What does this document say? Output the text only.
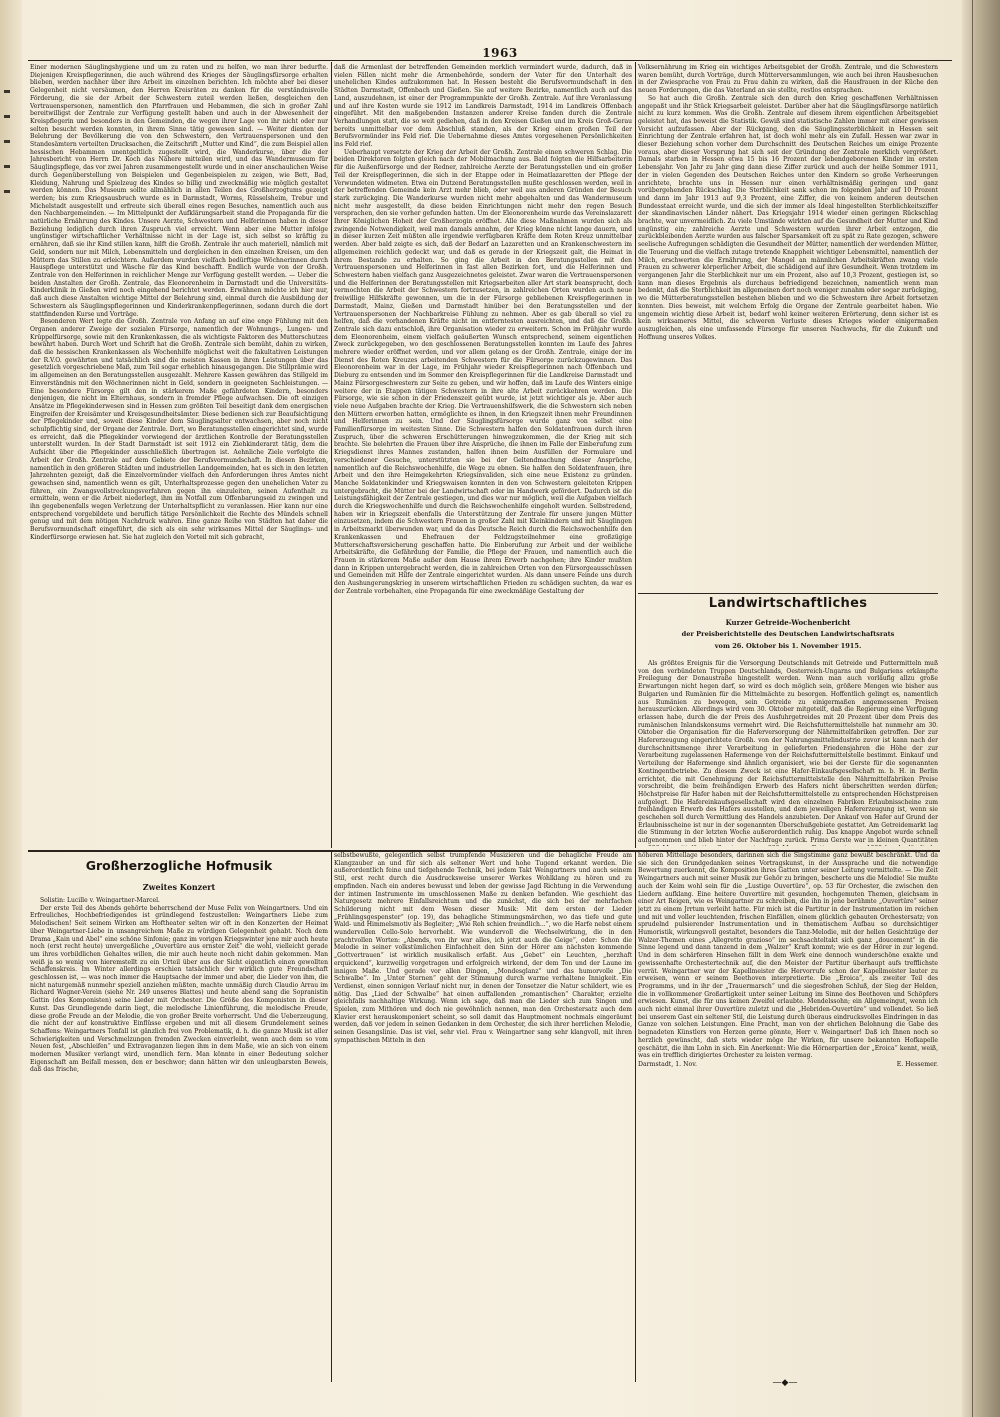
1963

Einer modernen Säuglingshygiene und um zu raten und zu helfen, wo man ihrer bedurfte. Diejenigen Kreispflegerinnen, die auch während des Krieges der Säuglingsfürsorge erhalten blieben, werden nachher über ihre Arbeit im einzelnen berichten. Ich möchte aber bei dieser Gelegenheit nicht versäumen, den Herren Kreisräten zu danken für die verständnisvolle Förderung, die sie der Arbeit der Schwestern zuteil werden ließen, desgleichen den Vertrauenspersonen, namentlich den Pfarrfrauen und Hebammen, die sich in großer Zahl bereitwilligst der Zentrale zur Verfügung gestellt haben und auch in der Abwesenheit der Kreispflegerin und besonders in den Gemeinden, die wegen ihrer Lage von ihr nicht oder nur selten besucht werden konnten, in ihrem Sinne tätig gewesen sind. — Weiter dienten der Belehrung der Bevölkerung die von den Schwestern, den Vertrauenspersonen und den Standesämtern verteilten Drucksachen, die Zeitschrift „Mutter und Kind“, die zum Beispiel allen hessischen Hebammen unentgeltlich zugestellt wird, die Wanderkurse, über die der Jahresbericht von Herrn Dr. Koch das Nähere mitteilen wird, und das Wandermuseum für Säuglingspflege, das vor zwei Jahren zusammengestellt wurde und in einer anschaulichen Weise durch Gegenüberstellung von Beispielen und Gegenbeispielen zu zeigen, wie Bett, Bad, Kleidung, Nahrung und Spielzeug des Kindes so billig und zweckmäßig wie möglich gestaltet werden können. Das Museum sollte allmählich in allen Teilen des Großherzogtums gezeigt werden; bis zum Kriegsausbruch wurde es in Darmstadt, Worms, Rüsselsheim, Trebur und Michelstadt ausgestellt und erfreute sich überall eines regen Besuches, namentlich auch aus den Nachbargemeinden. — Im Mittelpunkt der Aufklärungsarbeit stand die Propaganda für die natürliche Ernährung des Kindes. Unsere Aerzte, Schwestern und Helferinnen haben in dieser Beziehung lediglich durch ihren Zuspruch viel erreicht. Wenn aber eine Mutter infolge ungünstiger wirtschaftlicher Verhältnisse nicht in der Lage ist, sich selbst so kräftig zu ernähren, daß sie ihr Kind stillen kann, hilft die Großh. Zentrale ihr auch materiell, nämlich mit Geld, sondern nur mit Milch, Lebensmitteln und dergleichen in den einzelnen Kreisen, um den Müttern das Stillen zu erleichtern. Außerdem wurden vielfach bedürftige Wöchnerinnen durch Hauspflege unterstützt und Wäsche für das Kind beschafft. Endlich wurde von der Großh. Zentrale von den Helferinnen in reichlicher Menge zur Verfügung gestellt werden. — Ueber die beiden Anstalten der Großh. Zentrale, das Eleonorenheim in Darmstadt und die Universitäts-Kinderklinik in Gießen wird noch eingehend berichtet werden. Erwähnen möchte ich hier nur, daß auch diese Anstalten wichtige Mittel der Belehrung sind, einmal durch die Ausbildung der Schwestern als Säuglingspflegerinnen und Kinderkrankenpflegerinnen, sodann durch die dort stattfindenden Kurse und Vorträge.

Besonderen Wert legte die Großh. Zentrale von Anfang an auf eine enge Fühlung mit den Organen anderer Zweige der sozialen Fürsorge, namentlich der Wohnungs-, Lungen- und Krüppelfürsorge, sowie mit den Krankenkassen, die als wichtigste Faktoren des Mutterschutzes bewährt haben. Durch Wort und Schrift hat die Großh. Zentrale sich bemüht, dahin zu wirken, daß die hessischen Krankenkassen als Wochenhilfe möglichst weit die fakultativen Leistungen der R.V.O. gewährten und tatsächlich sind die meisten Kassen in ihren Leistungen über das gesetzlich vorgeschriebene Maß, zum Teil sogar erheblich hinausgegangen. Die Stillprämie wird im allgemeinen an den Beratungsstellen ausgezahlt. Mehrere Kassen gewähren das Stillgeld im Einverständnis mit den Wöchnerinnen nicht in Geld, sondern in geeigneten Sachleistungen. — Eine besondere Fürsorge gilt den in stärkerem Maße gefährdeten Kindern, besonders denjenigen, die nicht im Elternhaus, sondern in fremder Pflege aufwachsen. Die oft einzigen Ansätze im Pflegekinderwesen sind in Hessen zum größten Teil beseitigt dank dem energischen Eingreifen der Kreisämter und Kreisgesundheitsämter. Diese bedienen sich zur Beaufsichtigung der Pflegekinder und, soweit diese Kinder dem Säuglingsalter entwachsen, aber noch nicht schulpflichtig sind, der Organe der Zentrale. Dort, wo Beratungsstellen eingerichtet sind, wurde es erreicht, daß die Pflegekinder vorwiegend der ärztlichen Kontrolle der Beratungsstellen unterstellt wurden. In der Stadt Darmstadt ist seit 1912 ein Ziehkinderarzt tätig, dem die Aufsicht über die Pflegekinder ausschließlich übertragen ist. Aehnliche Ziele verfolgte die Arbeit der Großh. Zentrale auf dem Gebiete der Berufsvormundschaft. In diesen Bezirken, namentlich in den größeren Städten und industriellen Landgemeinden, hat es sich in den letzten Jahrzehnten gezeigt, daß die Einzelvormünder vielfach den Anforderungen ihres Amtes nicht gewachsen sind, namentlich wenn es gilt, Unterhaltsprozesse gegen den unehelichen Vater zu führen, ein Zwangsvollstreckungsverfahren gegen ihn einzuleiten, seinen Aufenthalt zu ermitteln, wenn er die Arbeit niederlegt, ihm im Notfall zum Offenbarungseid zu zwingen und ihn gegebenenfalls wegen Verletzung der Unterhaltspflicht zu veranlassen. Hier kann nur eine entsprechend vorgebildete und beruflich tätige Persönlichkeit die Rechte des Mündels schnell genug und mit dem nötigen Nachdruck wahren. Eine ganze Reihe von Städten hat daher die Berufsvormundschaft eingeführt, die sich als ein sehr wirksames Mittel der Säuglings- und Kinderfürsorge erwiesen hat. Sie hat zugleich den Vorteil mit sich gebracht,

daß die Armenlast der betreffenden Gemeinden merklich vermindert wurde, dadurch, daß in vielen Fällen nicht mehr die Armenbehörde, sondern der Vater für den Unterhalt des unehelichen Kindes aufzukommen hat. In Hessen besteht die Berufsvormundschaft in den Städten Darmstadt, Offenbach und Gießen. Sie auf weitere Bezirke, namentlich auch auf das Land, auszudehnen, ist einer der Programmpunkte der Großh. Zentrale. Auf ihre Veranlassung und auf ihre Kosten wurde sie 1912 im Landkreis Darmstadt, 1914 im Landkreis Offenbach eingeführt. Mit den maßgebenden Instanzen anderer Kreise fanden durch die Zentrale Verhandlungen statt, die so weit gediehen, daß in den Kreisen Gießen und im Kreis Groß-Gerau bereits unmittelbar vor dem Abschluß standen, als der Krieg einen großen Teil der Berufsvormünder ins Feld rief. Die Uebernahme dieses Amtes vorgesehenen Persönlichkeiten ins Feld rief.

Ueberhaupt versetzte der Krieg der Arbeit der Großh. Zentrale einen schweren Schlag. Die beiden Direktoren folgten gleich nach der Mobilmachung aus. Bald folgten die Hilfsarbeiterin für die Außenfürsorge und der Redner, zahlreiche Aerzte der Beratungsstellen und ein großer Teil der Kreispflegerinnen, die sich in der Etappe oder in Heimatlazaretten der Pflege der Verwundeten widmeten. Etwa ein Dutzend Beratungsstellen mußte geschlossen werden, weil in der betreffenden Gemeinde kein Arzt mehr blieb, oder weil aus anderen Gründen der Besuch stark zurückging. Die Wanderkurse wurden nicht mehr abgehalten und das Wandermuseum nicht mehr ausgestellt, da diese beiden Einrichtungen nicht mehr den regen Besuch versprachen, den sie vorher gefunden hatten. Um der Eleonorenheim wurde das Vereinslazarett Ihrer Königlichen Hoheit der Großherzogin eröffnet. Alle diese Maßnahmen wurden sich als zwingende Notwendigkeit, weil man damals annahm, der Krieg könne nicht lange dauern, und in dieser kurzen Zeit müßten alle irgendwie verfügbaren Kräfte dem Roten Kreuz unmittelbar werden. Aber bald zeigte es sich, daß der Bedarf an Lazaretten und an Krankenschwestern im allgemeinen reichlich gedeckt war, und daß es gerade in der Kriegszeit galt, die Heimat in ihrem Bestande zu erhalten. So ging die Arbeit in den Beratungsstellen mit den Vertrauenspersonen und Helferinnen in fast allen Bezirken fort, und die Helferinnen und Schwestern haben vielfach ganz Ausgezeichnetes geleistet. Zwar waren die Vertrauenspersonen und die Helferinnen der Beratungsstellen mit Kriegsarbeiten aller Art stark beansprucht, doch vermochten die Arbeit der Schwestern fortzusetzen, in zahlreichen Orten wurden auch neue freiwillige Hilfskräfte gewonnen, um die in der Fürsorge gebliebenen Kreispflegerinnen in Darmstadt, Mainz, Gießen und Darmstadt hinüber bei den Beratungsstellen und der Vertrauenspersonen der Nachbarkreise Fühlung zu nehmen. Aber es gab überall so viel zu helfen, daß die vorhandenen Kräfte nicht im entferntesten ausreichten, und daß die Großh. Zentrale sich dazu entschloß, ihre Organisation wieder zu erweitern. Schon im Frühjahr wurde dem Eleonorenheim, einem vielfach geäußerten Wunsch entsprechend, seinem eigentlichen Zweck zurückgegeben, wo den geschlossenen Beratungsstellen konnten im Laufe des Jahres mehrere wieder eröffnet werden, und vor allem gelang es der Großh. Zentrale, einige der im Dienst des Roten Kreuzes arbeitenden Schwestern für die Fürsorge zurückzugewinnen. Das Eleonorenheim war in der Lage, im Frühjahr wieder Kreispflegerinnen nach Offenbach und Dieburg zu entsenden und im Sommer den Kreispflegerinnen für die Landkreise Darmstadt und Mainz Fürsorgeschwestern zur Seite zu geben, und wir hoffen, daß im Laufe des Winters einige weitere der in Etappen tätigen Schwestern in ihre alte Arbeit zurückkehren werden. Die Fürsorge, wie sie schon in der Friedenszeit geübt wurde, ist jetzt wichtiger als je. Aber auch viele neue Aufgaben brachte der Krieg. Die Vertrauenshilfswerk, die die Schwestern sich neben den Müttern erworben hatten, ermöglichte es ihnen, in den Kriegszeit ihnen mehr Freundinnen und Helferinnen zu sein. Und der Säuglingsfürsorge wurde ganz von selbst eine Familienfürsorge im weitesten Sinne. Die Schwestern halfen den Soldatenfrauen durch ihren Zuspruch, über die schweren Erschütterungen hinwegzukommen, die der Krieg mit sich brachte. Sie belehrten die Frauen über ihre Ansprüche, die ihnen im Falle der Einberufung zum Kriegsdienst ihres Mannes zustanden, halfen ihnen beim Ausfüllen der Formulare und verschiedener Gesuche, unterstützten sie bei der Geltendmachung dieser Ansprüche, namentlich auf die Reichswochenhilfe, die Wege zu ebnen. Sie halfen den Soldatenfrauen, ihre Arbeit und den ihre Heimgekehrten Kriegsinvaliden, sich eine neue Existenz zu gründen. Manche Soldatenkinder und Kriegswaisen konnten in den von Schwestern geleiteten Krippen untergebracht, die Mütter bei der Landwirtschaft oder im Handwerk gefördert. Dadurch ist die Leistungsfähigkeit der Zentrale gestiegen, und dies war nur möglich, weil die Aufgaben vielfach durch die Kriegswochenhilfe und durch die Reichswochenhilfe eingeholt wurden. Selbstredend, haben wir in Kriegszeit ebenfalls die Unterstützung der Zentrale für unsere jungen Mütter einzusetzen, indem die Schwestern Frauen in großer Zahl mit Kleinkindern und mit Säuglingen in Arbeitsmarkt überwunden war, und da das Deutsche Reich durch die Reichswochenhilfe den Krankenkassen und Ehefrauen der Feldzugsteilnehmer eine großzügige Mutterschaftsversicherung geschaffen hatte. Die Einberufung zur Arbeit und der weibliche Arbeitskräfte, die Gefährdung der Familie, die Pflege der Frauen, und namentlich auch die Frauen in stärkerem Maße außer dem Hause ihrem Erwerb nachgehen; ihre Kinder mußten dann in Krippen untergebracht werden, die in zahlreichen Orten von den Fürsorgeausschüssen und Gemeinden mit Hilfe der Zentrale eingerichtet wurden. Als dann unsere Feinde uns durch den Aushungerungskrieg in unserem wirtschaftlichen Frieden zu schädigen suchten, da war es der Zentrale vorbehalten, eine Propaganda für eine zweckmäßige Gestaltung der

Volksernährung im Krieg ein wichtiges Arbeitsgebiet der Großh. Zentrale, und die Schwestern waren bemüht, durch Vorträge, durch Mütterversammlungen, wie auch bei ihren Hausbesuchen in der Zwiesprache von Frau zu Frau dahin zu wirken, daß die Hausfrauen in der Küche den neuen Forderungen, die das Vaterland an sie stellte, restlos entsprachen.

So hat auch die Großh. Zentrale sich den durch den Krieg geschaffenen Verhältnissen angepaßt und ihr Stück Kriegsarbeit geleistet. Darüber aber hat die Säuglingsfürsorge natürlich nicht zu kurz kommen. Was die Großh. Zentrale auf diesem ihrem eigentlichen Arbeitsgebiet geleistet hat, das beweist die Statistik. Gewiß sind statistische Zahlen immer mit einer gewissen Vorsicht aufzufassen. Aber der Rückgang, den die Säuglingssterblichkeit in Hessen seit Einrichtung der Zentrale erfahren hat, ist doch wohl mehr als ein Zufall. Hessen war zwar in dieser Beziehung schon vorher dem Durchschnitt des Deutschen Reiches um einige Prozente voraus, aber dieser Vorsprung hat sich seit der Gründung der Zentrale merklich vergrößert. Damals starben in Hessen etwa 15 bis 16 Prozent der lebendgeborenen Kinder im ersten Lebensjahr. Von Jahr zu Jahr ging dann diese Ziffer zurück und auch der heiße Sommer 1911, der in vielen Gegenden des Deutschen Reiches unter den Kindern so große Verheerungen anrichtete, brachte uns in Hessen nur einen verhältnismäßig geringen und ganz vorübergehenden Rückschlag. Die Sterblichkeit sank schon im folgenden Jahr auf 10 Prozent und dann im Jahr 1913 auf 9,3 Prozent, eine Ziffer, die von keinem anderen deutschen Bundesstaat erreicht wurde, und die sich der immer als Ideal hingestellten Sterblichkeitsziffer der skandinavischen Länder nähert. Das Kriegsjahr 1914 wieder einen geringen Rückschlag brachte, war unvermeidlich. Zu viele Umstände wirkten auf die Gesundheit der Mutter und Kind ungünstig ein; zahlreiche Aerzte und Schwestern wurden ihrer Arbeit entzogen, die zurückbleibenden Aerzte wurden aus falscher Sparsamkeit oft zu spät zu Rate gezogen, schwere seelische Aufregungen schädigten die Gesundheit der Mütter, namentlich der werdenden Mütter, die Teuerung und die vielfach zutage tretende Knappheit wichtiger Lebensmittel, namentlich der Milch, erschwerten die Ernährung, der Mangel an männlichen Arbeitskräften zwang viele Frauen zu schwerer körperlicher Arbeit, die schädigend auf ihre Gesundheit. Wenn trotzdem im vergangenen Jahr die Sterblichkeit nur um ein Prozent, also auf 10,3 Prozent, gestiegen ist, so kann man dieses Ergebnis als durchaus befriedigend bezeichnen, namentlich wenn man bedenkt, daß die Sterblichkeit im allgemeinen dort noch weniger zunahm oder sogar zurückging, wo die Mütterberatungsstellen bestehen blieben und wo die Schwestern ihre Arbeit fortsetzen konnten. Dies beweist, mit welchem Erfolg die Organe der Zentrale gearbeitet haben. Wie ungemein wichtig diese Arbeit ist, bedarf wohl keiner weiteren Erörterung, denn sicher ist es kein wirksameres Mittel, die schweren Verluste dieses Krieges wieder einigermaßen auszugleichen, als eine umfassende Fürsorge für unseren Nachwuchs, für die Zukunft und Hoffnung unseres Volkes.

Landwirtschaftliches
Kurzer Getreide-Wochenbericht
der Preisberichtstelle des Deutschen Landwirtschaftsrats
vom 26. Oktober bis 1. November 1915.

Als größtes Ereignis für die Versorgung Deutschlands mit Getreide und Futtermitteln muß von den verbündeten Truppen Deutschlands, Oesterreich-Ungarns und Bulgariens erkämpfte Freilegung der Donaustraße hingestellt werden. Wenn man auch vorläufig allzu große Erwartungen nicht hegen darf, so wird es doch möglich sein, größere Mengen wie bisher aus Bulgarien und Rumänien für die Mittelmächte zu besorgen. Hoffentlich gelingt es, namentlich aus Rumänien zu bewegen, sein Getreide zu einigermaßen angemessenen Preisen herauszurücken. Allerdings wird vom 30. Oktober mitgeteilt, daß die Regierung eine Verfügung erlassen habe, durch die der Preis des Ausfuhrgetreides mit 20 Prozent über dem Preis des rumänischen Inlandskonsums vermehrt wird. Die Reichsfuttermittelstelle hat nunmehr am 30. Oktober die Organisation für die Haferversorgung der Nährmittelfabriken getroffen. Der zur Hafererzeugung eingerichtete Großh. von der Nahrungsmittelindustrie zuvor ist kann nach der durchschnittsmenge ihrer Verarbeitung in gelieferten Friedensjahren die Höhe der zur Verarbeitung zugelassenen Hafermenge von der Reichsfuttermittelstelle bestimmt. Einkauf und Verteilung der Hafermenge sind ähnlich organisiert, wie bei der Gerste für die sogenannten Kontingentbetriebe. Zu diesem Zweck ist eine Hafer-Einkaufsgesellschaft m. b. H. in Berlin errichtet, die mit Genehmigung der Reichsfuttermittelstelle den Nährmittelfabriken Preise vorschreibt, die beim freihändigen Erwerb des Hafers nicht überschritten werden dürfen; Höchstpreise für Hafer haben mit der Reichsfuttermittelstelle zu entsprechenden Höchstpreisen aufgelegt. Die Hafereinkaufsgesellschaft wird den einzelnen Fabriken Erlaubnisscheine zum freihändigen Erwerb des Hafers ausstellen, und dem jeweiligen Hafererzeugung ist, wenn sie geschehen soll durch Vermittlung des Handels anzubieten. Der Ankauf von Hafer auf Grund der Erlaubnisscheine ist nur in der sogenannten Überschußgebiete gestattet. Am Getreidemarkt lag die Stimmung in der letzten Woche außerordentlich ruhig. Das knappe Angebot wurde schnell aufgenommen und blieb hinter der Nachfrage zurück. Prima Gerste war in kleinen Quantitäten

Großherzogliche Hofmusik
Zweites Konzert

Solistin: Lucille v. Weingartner-Marcel.

Der erste Teil des Abends gehörte beherrschend der Muse Felix von Weingartners. Und ein Erfreuliches, Hochbefriedigendes ist gründlegend festzustellen: Weingartners Liebe zum Melodischen! Seit seinem Wirken am Hoftheater selten wir oft in den Konzerten der Heimat über Weingartner-Liebe in unsangreichem Maße zu würdigen Gelegenheit gehabt. Noch dem Drama „Kain und Abel“ eine schöne Sinfonie; ganz im vorigen Kriegswinter jene mir auch heute noch (erst recht heute) unvergeßliche „Ouvertüre aus ernster Zeit“ die wohl, vielleicht gerade um ihres vorbildlichen Gehaltes willen, die mir auch heute noch nicht dahin gekommen. Man weiß ja so wenig von hieremstellt zu ein Urteil über aus der Sicht eigentlich einen gewollten Schaffenskreis. Im Winter allerdings erschien tatsächlich der wirklich gute Freundschaft geschlossen ist, — was noch immer die Hauptsache der immer und aber, die Lieder von ihm, die nicht naturgemäß nunmehr speziell anziehen müßten, machte unmäßig durch Claudio Arrau im Richard Wagner-Verein (siehe Nr. 249 unseres Blattes) und heute abend sang die Sopranistin Gattin (des Komponisten) seine Lieder mit Orchester. Die Größe des Komponisten in dieser Kunst. Das Grundlegende darin liegt, die melodische Linienführung, die melodische Freude, diese große Freude an der Melodie, die von großer Breite vorherrscht. Und die Ueberzeugung, die nicht der auf konstruktive Einflüsse ergeben und mit all diesem Grundelement seines Schaffens: Weingartners Tonfall ist gänzlich frei von Problematik, d. h. die ganze Musik ist aller Schwierigkeiten und Verschmelzungen fremden Zwecken einverleibt, wenn auch dem so vom Neuen fest, „Abschleifen“ und Extravaganzen liegen ihm in dem Maße, wie an sich von einem modernen Musiker verlangt wird, unendlich fern. Man könnte in einer Bedeutung solcher Eigenschaft am Beifall messen, den er beschwor; dann hätten wir den unleugbarsten Beweis, daß das frische,

selbstbewußte, gelegentlich selbst trumpfende Musizieren und die behagliche Freude am Klangzauber an und für sich als seltener Wert und hohe Tugend erkannt werden. Die außerordentlich feine und tiefgehende Technik, bei jedem Takt Weingartners und auch seinem Stil, erst recht durch die Ausdrucksweise unserer Werkes Wohlklang zu hören und zu empfinden. Nach ein anderes bewusst und leben der gewisse Jagd Richtung in die Verwendung der intimen Instrumente im umschlossenen Maße zu denken befanden. Wie geschieht das Naturgesetz mehrere Einfallsreichtum und die zunächst, die sich bei der mehrfachen Schilderung nicht mit dem Wesen dieser Musik: Mit dem ersten der Lieder „Frühlingsgespenster“ (op. 19), das behagliche Stimmungsmärchen, wo das tiefe und gute Wald- und Himmelsmotiv als Begleiter; „Wie Reh schien freundlich...“, wo die Harfe nebst einem wundervollen Cello-Solo hervorhebt. Wie wundervoll die Wechselwirkung, die in den prachtvollen Worten: „Abends, von ihr war alles, ich jetzt auch die Geige“, oder: Schon die Melodie in seiner volkstümlichen Einfachheit den Sinn der Hörer am nächsten kommende „Gottvertrauen“ ist wirklich musikalisch erfaßt. Aus „Gebet“ ein Leuchten, „herzhaft erquickend“, kurzweilig vorgetragen und erfolgreich wirkend, der dem Ton und der Laune im innigen Maße. Und gerade vor allen Dingen, „Mondesglanz“ und das humorvolle „Die Schwalbe“. Im „Unter Sternen“ geht der Stimmung durch warme verhaltene Innigkeit. Ein Verdienst, einen sonnigen Verlauf nicht nur, in denen der Tonsetzer die Natur schildert, wie es nötig. Das „Lied der Schwalbe“ hat einen auffallenden „romantischen“ Charakter, erzielte gleichfalls nachhaltige Wirkung. Wenn ich sage, daß man die Lieder sich zum Singen und Spielen, zum Mithören und doch nie gewöhnlich nennen, man den Orchestersatz auch dem Klavier erst herauskomponiert scheint, so soll damit das Hauptmoment nochmals eingeräumt werden, daß vor jedem in seinen Gedanken in dem Orchester, die sich ihrer herrlichen Melodie, seinen Gesangslinie. Das ist viel, sehr viel. Frau v. Weingartner sang sehr klangvoll, mit ihren sympathischen Mitteln in den

höheren Mittellage besonders, darinnen sich die Singstimme ganz bewußt beschränkt. Und da sie sich den Grundgedanken seines Vortragskunst, in der Aussprache und die notwendige Bewertung zuerkennt, die Komposition ihres Gatten unter seiner Leitung vermittelte. — Die Zeit Weingartners auch mit seiner Musik zur Gehör zu bringen, bescherte uns die Melodie! Sie mußte auch der Keim wohl sein für die „Lustige Ouvertüre“, op. 53 für Orchester, die zwischen den Liedern aufklang. Eine heitere Ouvertüre mit gesunden, hochgemuten Themen, gleichsam in einer Art Reigen, wie es Weingartner zu schreiben, die ihn in jene berühmte „Ouvertüre“ seiner jetzt zu einem Jrrtum verleiht hatte. Für mich ist die Partitur in der Instrumentation im reichen und mit und voller leuchtenden, frischen Einfällen, einem glücklich gebauten Orchestersatz; von sprudelnd pulsierender Instrumentation und in thematischem Aufbau so durchsichtiger Humoristik, wirkungsvoll gestaltet, besonders die Tanz-Melodie, mit der hellen Gesichtzüge der Walzer-Themen eines „Allegretto grazioso“ im sechsachteltakt sich ganz „doucement“ in die Sinne legend und dann tanzend in dem „Walzer“ Kraft kommt; wie es der Hörer in zur legend. Und in dem schärferen Hinsehen fällt in dem Werk eine dennoch wunderschöne exakte und gewissenhafte Orchestertechnik auf, die den Meister der Partitur überhaupt aufs trefflichste verrät. Weingartner war der Kapellmeister die Hervorrufe schon der Kapellmeister lauter zu erweisen, wenn er seinem Beethoven interpretierte. Die „Eroica“, als zweiter Teil des Programms, und in ihr der „Trauermarsch“ und die siegesfrohen Schluß, der Sieg der Helden, die in vollkommener Großartigkeit unter seiner Leitung im Sinne des Beethoven und Schöpfers erwiesen. Kunst, die für uns keinen Zweifel erlaubte. Mendelssohn; ein Allgemeingut, wenn ich auch nicht einmal ihrer Ouvertüre zuletzt und die „Hebriden-Ouvertüre“ und vollendet. So ließ bei unserem Gast ein seltener Stil, die Leistung durch überaus eindrucksvolles Eindringen in das Ganze von solchen Leistungen. Eine Pracht, man von der ehrlichen Belohnung die Gabe des begnadeten Künstlers von Herzen gerne gönnte, Herr v. Weingartner! Daß ich Ihnen noch so herzlich gewünscht, daß stets wieder möge Ihr Wirken, für unsere bekannten Hofkapelle geschätzt, die ihm Lohn in sich. Ein Anerkennt: Wie die Hörnerpartien der „Eroica“ kennt, weiß, was ein trefflich dirigiertes Orchester zu leisten vermag.

Darmstadt, 1. Nov.	E. Hessemer.
—◆—
